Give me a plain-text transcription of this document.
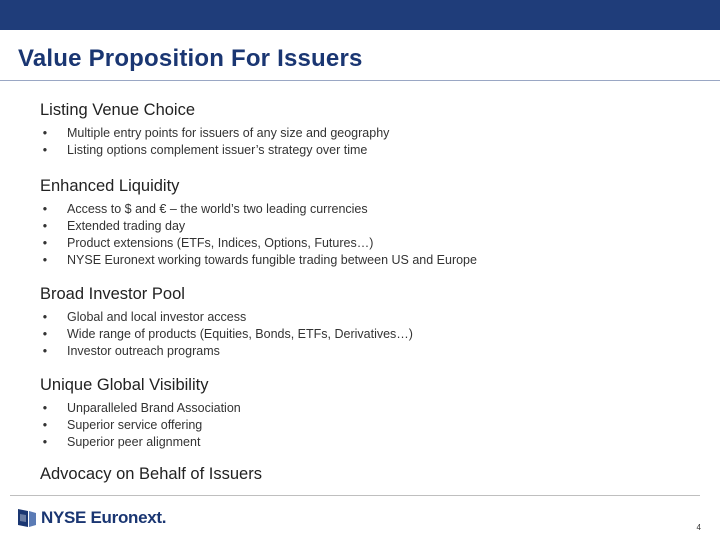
Value Proposition For Issuers
Listing Venue Choice
• Multiple entry points for issuers of any size and geography
• Listing options complement issuer’s strategy over time
Enhanced Liquidity
• Access to $ and € – the world’s two leading currencies
• Extended trading day
• Product extensions (ETFs, Indices, Options, Futures…)
• NYSE Euronext working towards fungible trading between US and Europe
Broad Investor Pool
• Global and local investor access
• Wide range of products (Equities, Bonds, ETFs, Derivatives…)
• Investor outreach programs
Unique Global Visibility
• Unparalleled Brand Association
• Superior service offering
• Superior peer alignment
Advocacy on Behalf of Issuers
NYSE Euronext.
4
